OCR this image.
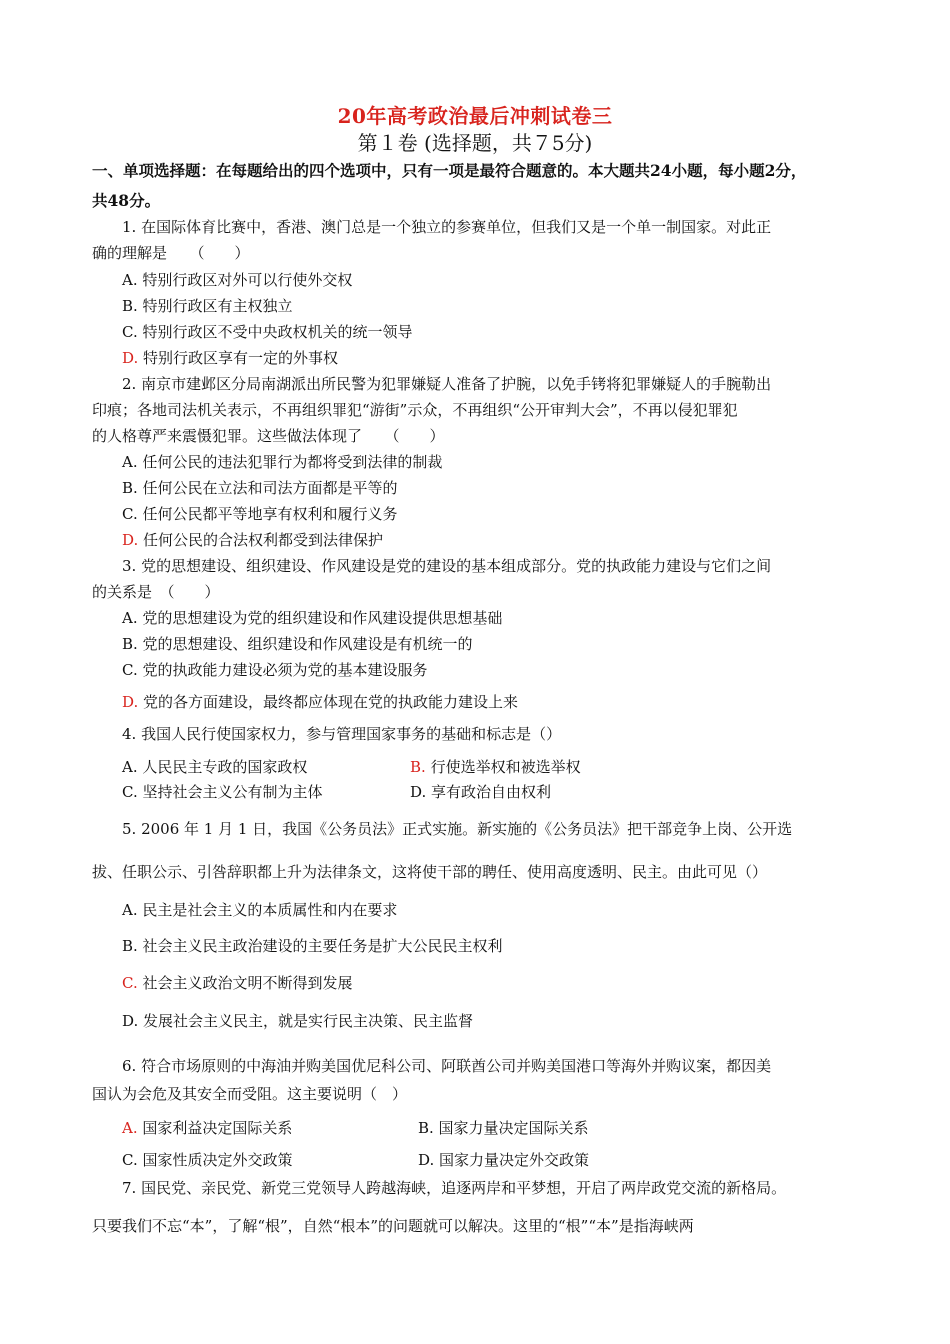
20年高考政治最后冲刺试卷三
第１卷 (选择题，共７5分)
一、单项选择题：在每题给出的四个选项中，只有一项是最符合题意的。本大题共24小题，每小题2分，
共48分。
1. 在国际体育比赛中，香港、澳门总是一个独立的参赛单位，但我们又是一个单一制国家。对此正
确的理解是　　（　　）
A. 特别行政区对外可以行使外交权
B. 特别行政区有主权独立
C. 特别行政区不受中央政权机关的统一领导
D. 特别行政区享有一定的外事权
2. 南京市建邺区分局南湖派出所民警为犯罪嫌疑人准备了护腕，以免手铐将犯罪嫌疑人的手腕勒出
印痕；各地司法机关表示，不再组织罪犯“游街”示众，不再组织“公开审判大会”，不再以侵犯罪犯
的人格尊严来震慑犯罪。这些做法体现了　　（　　）
A. 任何公民的违法犯罪行为都将受到法律的制裁
B. 任何公民在立法和司法方面都是平等的
C. 任何公民都平等地享有权利和履行义务
D. 任何公民的合法权利都受到法律保护
3. 党的思想建设、组织建设、作风建设是党的建设的基本组成部分。党的执政能力建设与它们之间
的关系是　（　　）
A. 党的思想建设为党的组织建设和作风建设提供思想基础
B. 党的思想建设、组织建设和作风建设是有机统一的
C. 党的执政能力建设必须为党的基本建设服务
D. 党的各方面建设，最终都应体现在党的执政能力建设上来
4. 我国人民行使国家权力，参与管理国家事务的基础和标志是（）
A. 人民民主专政的国家政权	B. 行使选举权和被选举权
C. 坚持社会主义公有制为主体	D. 享有政治自由权利
5. 2006 年 1 月 1 日，我国《公务员法》正式实施。新实施的《公务员法》把干部竞争上岗、公开选
拔、任职公示、引咎辞职都上升为法律条文，这将使干部的聘任、使用高度透明、民主。由此可见（）
A. 民主是社会主义的本质属性和内在要求
B. 社会主义民主政治建设的主要任务是扩大公民民主权利
C. 社会主义政治文明不断得到发展
D. 发展社会主义民主，就是实行民主决策、民主监督
6. 符合市场原则的中海油并购美国优尼科公司、阿联酋公司并购美国港口等海外并购议案，都因美
国认为会危及其安全而受阻。这主要说明（　）
A. 国家利益决定国际关系	B. 国家力量决定国际关系
C. 国家性质决定外交政策	D. 国家力量决定外交政策
7. 国民党、亲民党、新党三党领导人跨越海峡，追逐两岸和平梦想，开启了两岸政党交流的新格局。
只要我们不忘“本”，了解“根”，自然“根本”的问题就可以解决。这里的“根”“本”是指海峡两
